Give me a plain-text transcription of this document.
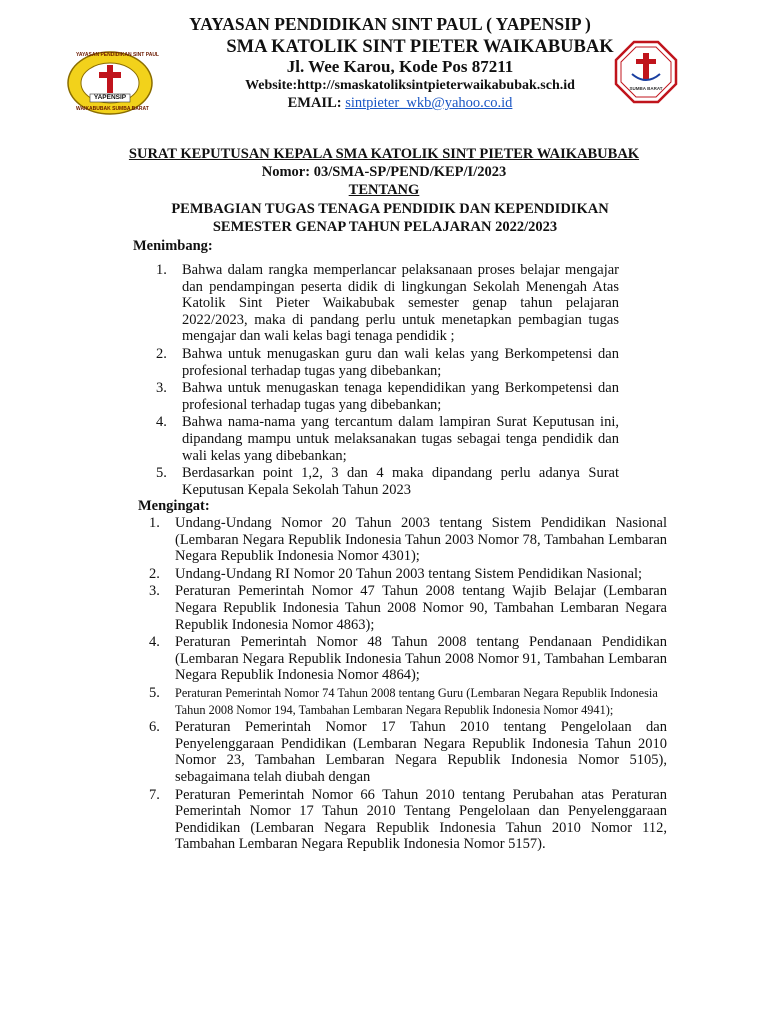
YAPENSIP
YAYASAN PENDIDIKAN SINT PAUL
WAIKABUBAK SUMBA BARAT
SUMBA BARAT
YAYASAN PENDIDIKAN SINT PAUL ( YAPENSIP )
SMA KATOLIK SINT PIETER WAIKABUBAK
Jl. Wee Karou, Kode Pos 87211
Website:http://smaskatoliksintpieterwaikabubak.sch.id
EMAIL: sintpieter_wkb@yahoo.co.id
SURAT KEPUTUSAN KEPALA SMA KATOLIK SINT PIETER WAIKABUBAK
Nomor: 03/SMA-SP/PEND/KEP/I/2023
TENTANG
PEMBAGIAN TUGAS TENAGA PENDIDIK DAN KEPENDIDIKAN
SEMESTER GENAP TAHUN PELAJARAN 2022/2023
Menimbang:
1. Bahwa dalam rangka memperlancar pelaksanaan proses belajar mengajar dan pendampingan peserta didik di lingkungan Sekolah Menengah Atas Katolik Sint Pieter Waikabubak semester genap tahun pelajaran 2022/2023, maka di pandang perlu untuk menetapkan pembagian tugas mengajar dan wali kelas bagi tenaga pendidik ;
2. Bahwa untuk menugaskan guru dan wali kelas yang Berkompetensi dan profesional terhadap tugas yang dibebankan;
3. Bahwa untuk menugaskan tenaga kependidikan yang Berkompetensi dan profesional terhadap tugas yang dibebankan;
4. Bahwa nama-nama yang tercantum dalam lampiran Surat Keputusan ini, dipandang mampu untuk melaksanakan tugas sebagai tenga pendidik dan wali kelas yang dibebankan;
5. Berdasarkan point 1,2, 3 dan 4 maka dipandang perlu adanya Surat Keputusan Kepala Sekolah Tahun 2023
Mengingat:
1. Undang-Undang Nomor 20 Tahun 2003 tentang Sistem Pendidikan Nasional (Lembaran Negara Republik Indonesia Tahun 2003 Nomor 78, Tambahan Lembaran Negara Republik Indonesia Nomor 4301);
2. Undang-Undang RI Nomor 20 Tahun 2003 tentang Sistem Pendidikan Nasional;
3. Peraturan Pemerintah Nomor 47 Tahun 2008 tentang Wajib Belajar (Lembaran Negara Republik Indonesia Tahun 2008 Nomor 90, Tambahan Lembaran Negara Republik Indonesia Nomor 4863);
4. Peraturan Pemerintah Nomor 48 Tahun 2008 tentang Pendanaan Pendidikan (Lembaran Negara Republik Indonesia Tahun 2008 Nomor 91, Tambahan Lembaran Negara Republik Indonesia Nomor 4864);
5. Peraturan Pemerintah Nomor 74 Tahun 2008 tentang Guru (Lembaran Negara Republik Indonesia Tahun 2008 Nomor 194, Tambahan Lembaran Negara Republik Indonesia Nomor 4941);
6. Peraturan Pemerintah Nomor 17 Tahun 2010 tentang Pengelolaan dan Penyelenggaraan Pendidikan (Lembaran Negara Republik Indonesia Tahun 2010 Nomor 23, Tambahan Lembaran Negara Republik Indonesia Nomor 5105), sebagaimana telah diubah dengan
7. Peraturan Pemerintah Nomor 66 Tahun 2010 tentang Perubahan atas Peraturan Pemerintah Nomor 17 Tahun 2010 Tentang Pengelolaan dan Penyelenggaraan Pendidikan (Lembaran Negara Republik Indonesia Tahun 2010 Nomor 112, Tambahan Lembaran Negara Republik Indonesia Nomor 5157).
